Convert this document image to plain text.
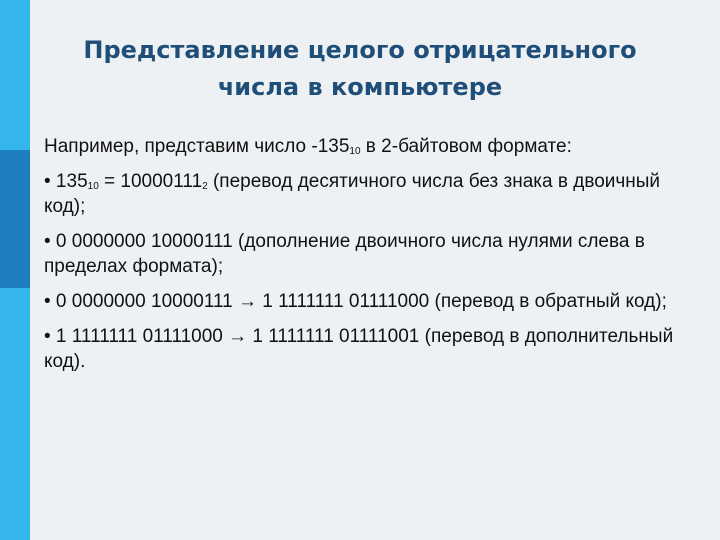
Представление целого отрицательного
числа в компьютере

Например, представим число $-135_{10}$ в 2-байтовом формате:

• $135_{10} = 10000111_2$ (перевод десятичного числа без знака в двоичный код);

• 0 0000000 10000111 (дополнение двоичного числа нулями слева в пределах формата);

• 0 0000000 10000111 → 1 1111111 01111000 (перевод в обратный код);

• 1 1111111 01111000 → 1 1111111 01111001 (перевод в дополнительный код).
